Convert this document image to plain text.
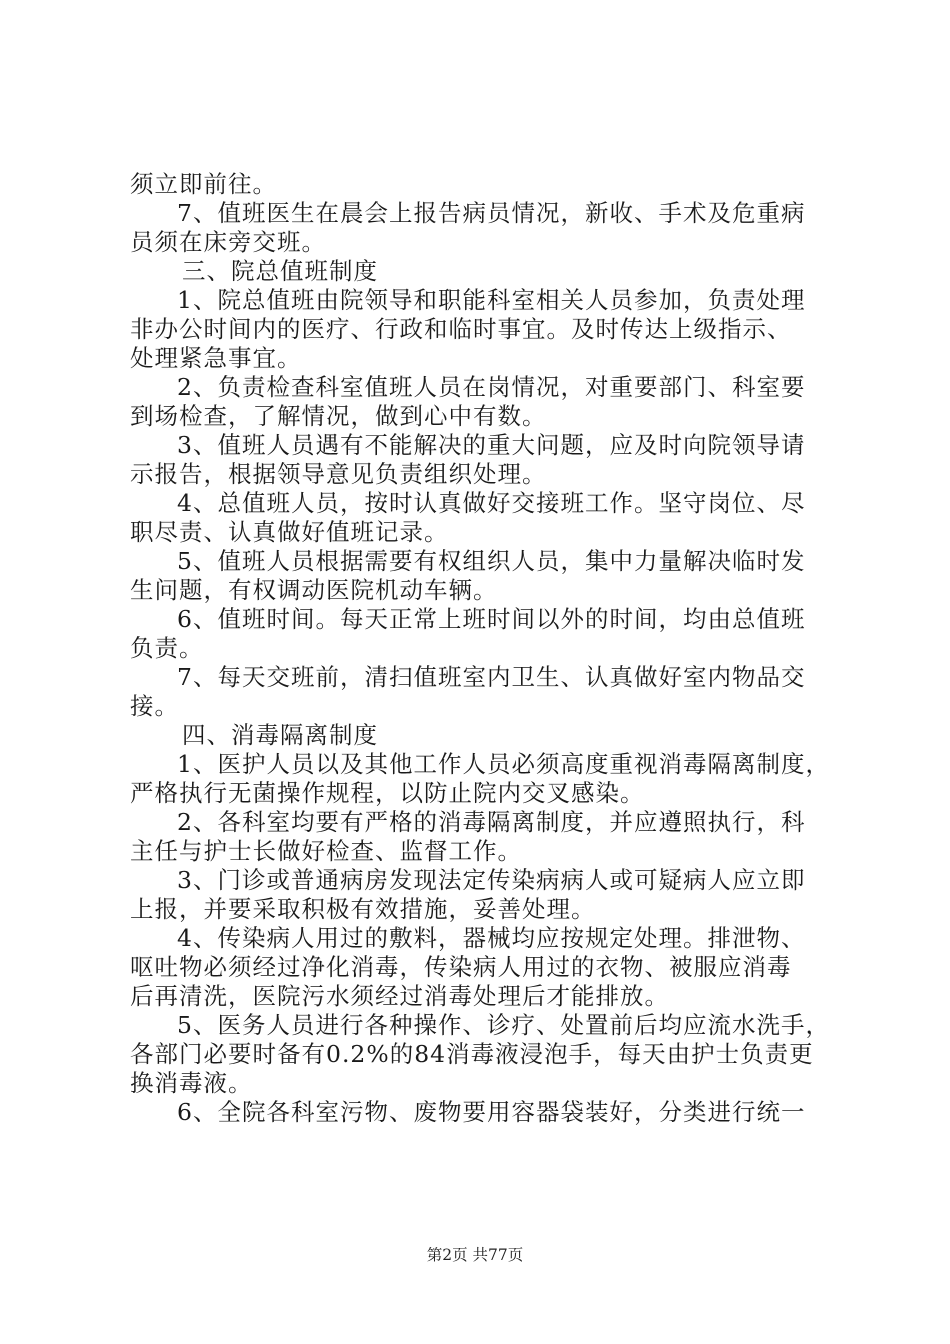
须立即前往。
7、值班医生在晨会上报告病员情况，新收、手术及危重病
员须在床旁交班。
三、院总值班制度
1、院总值班由院领导和职能科室相关人员参加，负责处理
非办公时间内的医疗、行政和临时事宜。及时传达上级指示、
处理紧急事宜。
2、负责检查科室值班人员在岗情况，对重要部门、科室要
到场检查，了解情况，做到心中有数。
3、值班人员遇有不能解决的重大问题，应及时向院领导请
示报告，根据领导意见负责组织处理。
4、总值班人员，按时认真做好交接班工作。坚守岗位、尽
职尽责、认真做好值班记录。
5、值班人员根据需要有权组织人员，集中力量解决临时发
生问题，有权调动医院机动车辆。
6、值班时间。每天正常上班时间以外的时间，均由总值班
负责。
7、每天交班前，清扫值班室内卫生、认真做好室内物品交
接。
四、消毒隔离制度
1、医护人员以及其他工作人员必须高度重视消毒隔离制度，
严格执行无菌操作规程，以防止院内交叉感染。
2、各科室均要有严格的消毒隔离制度，并应遵照执行，科
主任与护士长做好检查、监督工作。
3、门诊或普通病房发现法定传染病病人或可疑病人应立即
上报，并要采取积极有效措施，妥善处理。
4、传染病人用过的敷料，器械均应按规定处理。排泄物、
呕吐物必须经过净化消毒，传染病人用过的衣物、被服应消毒
后再清洗，医院污水须经过消毒处理后才能排放。
5、医务人员进行各种操作、诊疗、处置前后均应流水洗手，
各部门必要时备有0.2%的84消毒液浸泡手，每天由护士负责更
换消毒液。
6、全院各科室污物、废物要用容器袋装好，分类进行统一
第2页 共77页
